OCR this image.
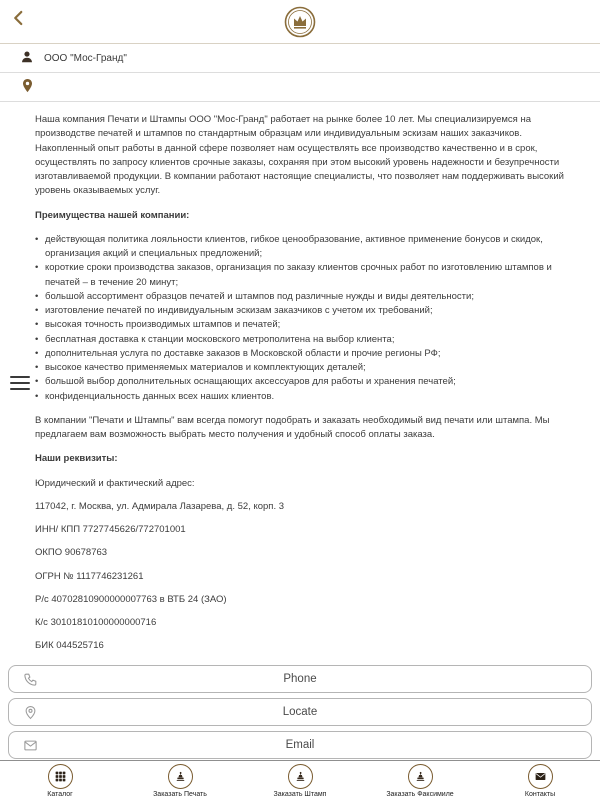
ООО "Мос-Гранд"

Наша компания Печати и Штампы ООО "Мос-Гранд" работает на рынке более 10 лет. Мы специализируемся на производстве печатей и штампов по стандартным образцам или индивидуальным эскизам наших заказчиков. Накопленный опыт работы в данной сфере позволяет нам осуществлять все производство качественно и в срок, осуществлять по запросу клиентов срочные заказы, сохраняя при этом высокий уровень надежности и безупречности изготавливаемой продукции. В компании работают настоящие специалисты, что позволяет нам поддерживать высокий уровень оказываемых услуг.

Преимущества нашей компании:

• действующая политика лояльности клиентов, гибкое ценообразование, активное применение бонусов и скидок, организация акций и специальных предложений;
• короткие сроки производства заказов, организация по заказу клиентов срочных работ по изготовлению штампов и печатей – в течение 20 минут;
• большой ассортимент образцов печатей и штампов под различные нужды и виды деятельности;
• изготовление печатей по индивидуальным эскизам заказчиков с учетом их требований;
• высокая точность производимых штампов и печатей;
• бесплатная доставка к станции московского метрополитена на выбор клиента;
• дополнительная услуга по доставке заказов в Московской области и прочие регионы РФ;
• высокое качество применяемых материалов и комплектующих деталей;
• большой выбор дополнительных оснащающих аксессуаров для работы и хранения печатей;
• конфиденциальность данных всех наших клиентов.

В компании "Печати и Штампы" вам всегда помогут подобрать и заказать необходимый вид печати или штампа. Мы предлагаем вам возможность выбрать место получения и удобный способ оплаты заказа.

Наши реквизиты:

Юридический и фактический адрес:
117042, г. Москва, ул. Адмирала Лазарева, д. 52, корп. 3
ИНН/ КПП 7727745626/772701001
ОКПО 90678763
ОГРН № 1117746231261
Р/с 40702810900000007763 в ВТБ 24 (ЗАО)
К/с 30101810100000000716
БИК 044525716
Phone
Locate
Email
Каталог	Заказать Печать	Заказать Штамп	Заказать Факсимиле	Контакты
